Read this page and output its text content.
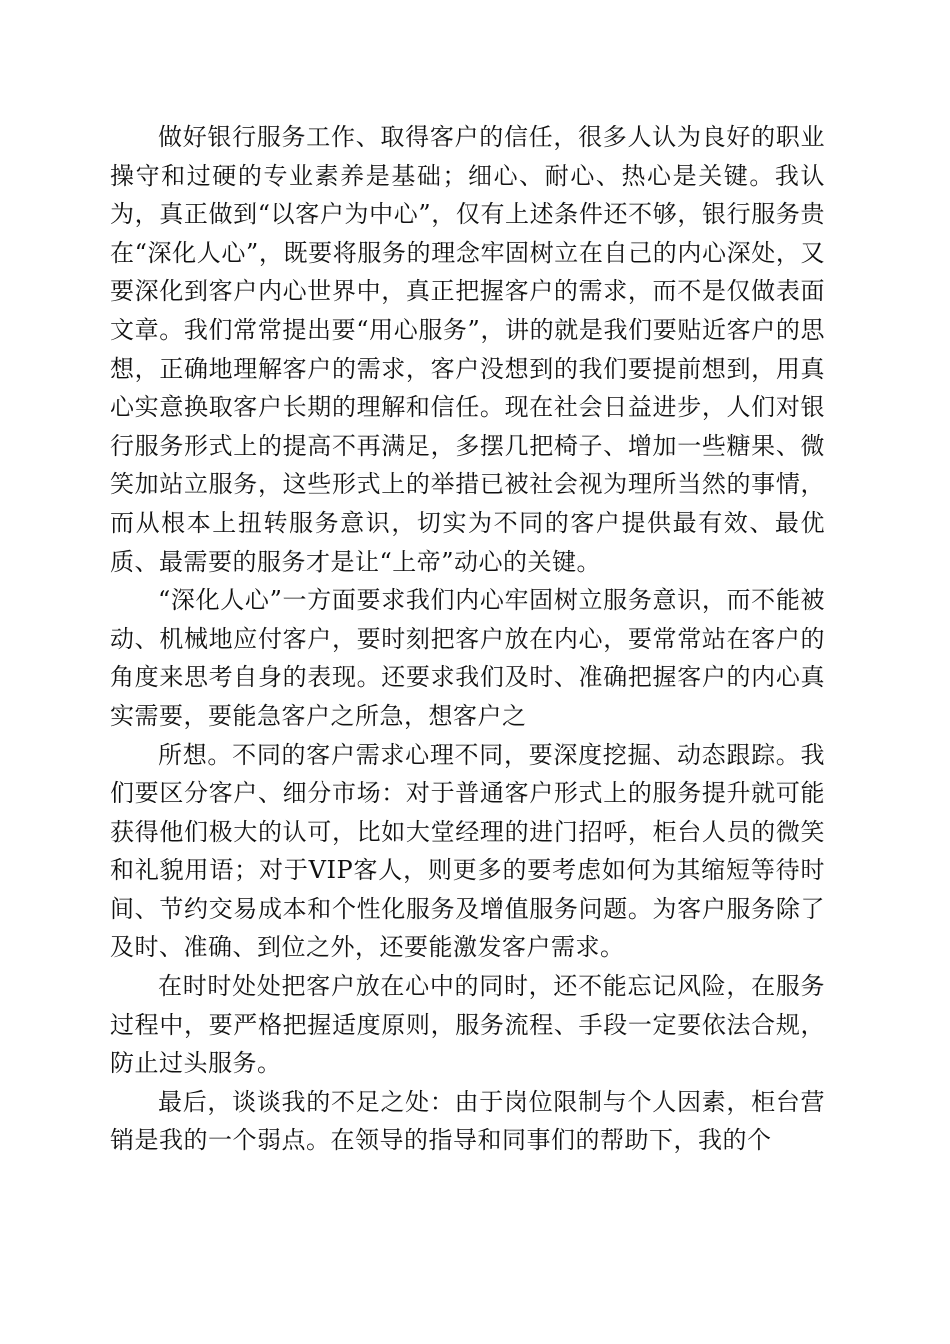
做好银行服务工作、取得客户的信任，很多人认为良好的职业操守和过硬的专业素养是基础；细心、耐心、热心是关键。我认为，真正做到“以客户为中心”，仅有上述条件还不够，银行服务贵在“深化人心”，既要将服务的理念牢固树立在自己的内心深处，又要深化到客户内心世界中，真正把握客户的需求，而不是仅做表面文章。我们常常提出要“用心服务”，讲的就是我们要贴近客户的思想，正确地理解客户的需求，客户没想到的我们要提前想到，用真心实意换取客户长期的理解和信任。现在社会日益进步，人们对银行服务形式上的提高不再满足，多摆几把椅子、增加一些糖果、微笑加站立服务，这些形式上的举措已被社会视为理所当然的事情，而从根本上扭转服务意识，切实为不同的客户提供最有效、最优质、最需要的服务才是让“上帝”动心的关键。

“深化人心”一方面要求我们内心牢固树立服务意识，而不能被动、机械地应付客户，要时刻把客户放在内心，要常常站在客户的角度来思考自身的表现。还要求我们及时、准确把握客户的内心真实需要，要能急客户之所急，想客户之

所想。不同的客户需求心理不同，要深度挖掘、动态跟踪。我们要区分客户、细分市场：对于普通客户形式上的服务提升就可能获得他们极大的认可，比如大堂经理的进门招呼，柜台人员的微笑和礼貌用语；对于VIP客人，则更多的要考虑如何为其缩短等待时间、节约交易成本和个性化服务及增值服务问题。为客户服务除了及时、准确、到位之外，还要能激发客户需求。

在时时处处把客户放在心中的同时，还不能忘记风险，在服务过程中，要严格把握适度原则，服务流程、手段一定要依法合规，防止过头服务。

最后，谈谈我的不足之处：由于岗位限制与个人因素，柜台营销是我的一个弱点。在领导的指导和同事们的帮助下，我的个
